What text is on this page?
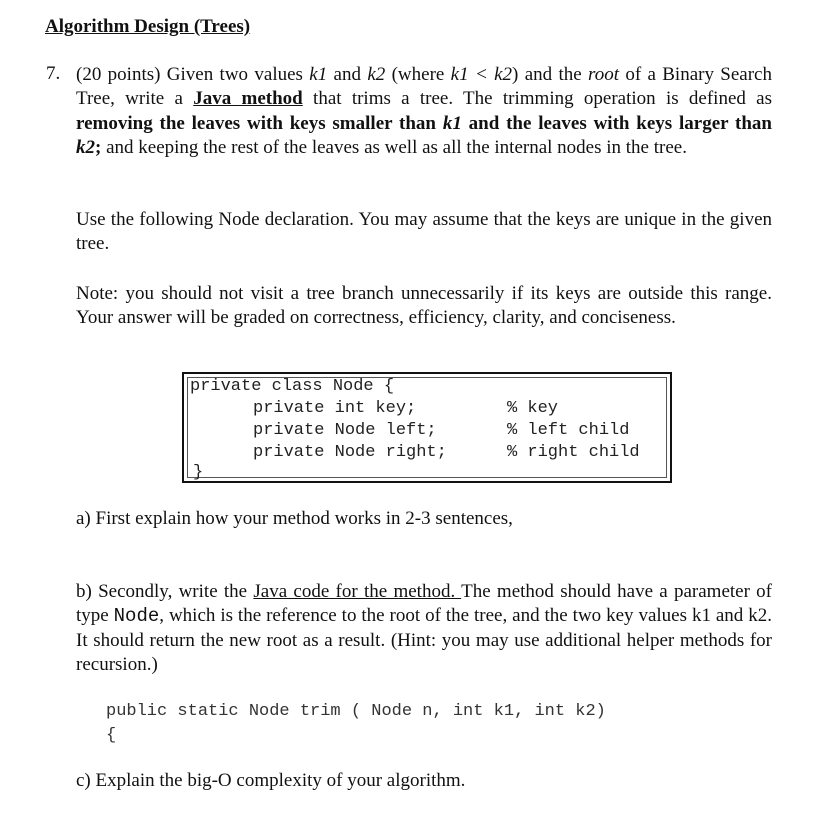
Algorithm Design (Trees)
7. (20 points) Given two values k1 and k2 (where k1 < k2) and the root of a Binary Search Tree, write a Java method that trims a tree. The trimming operation is defined as removing the leaves with keys smaller than k1 and the leaves with keys larger than k2; and keeping the rest of the leaves as well as all the internal nodes in the tree.
Use the following Node declaration. You may assume that the keys are unique in the given tree.
Note: you should not visit a tree branch unnecessarily if its keys are outside this range. Your answer will be graded on correctness, efficiency, clarity, and conciseness.
private class Node {
private int key;
private Node left;
private Node right;
% key
% left child
% right child
}
a) First explain how your method works in 2-3 sentences,
b) Secondly, write the Java code for the method. The method should have a parameter of type Node, which is the reference to the root of the tree, and the two key values k1 and k2. It should return the new root as a result. (Hint: you may use additional helper methods for recursion.)
public static Node trim ( Node n, int k1, int k2)
{
c) Explain the big-O complexity of your algorithm.
